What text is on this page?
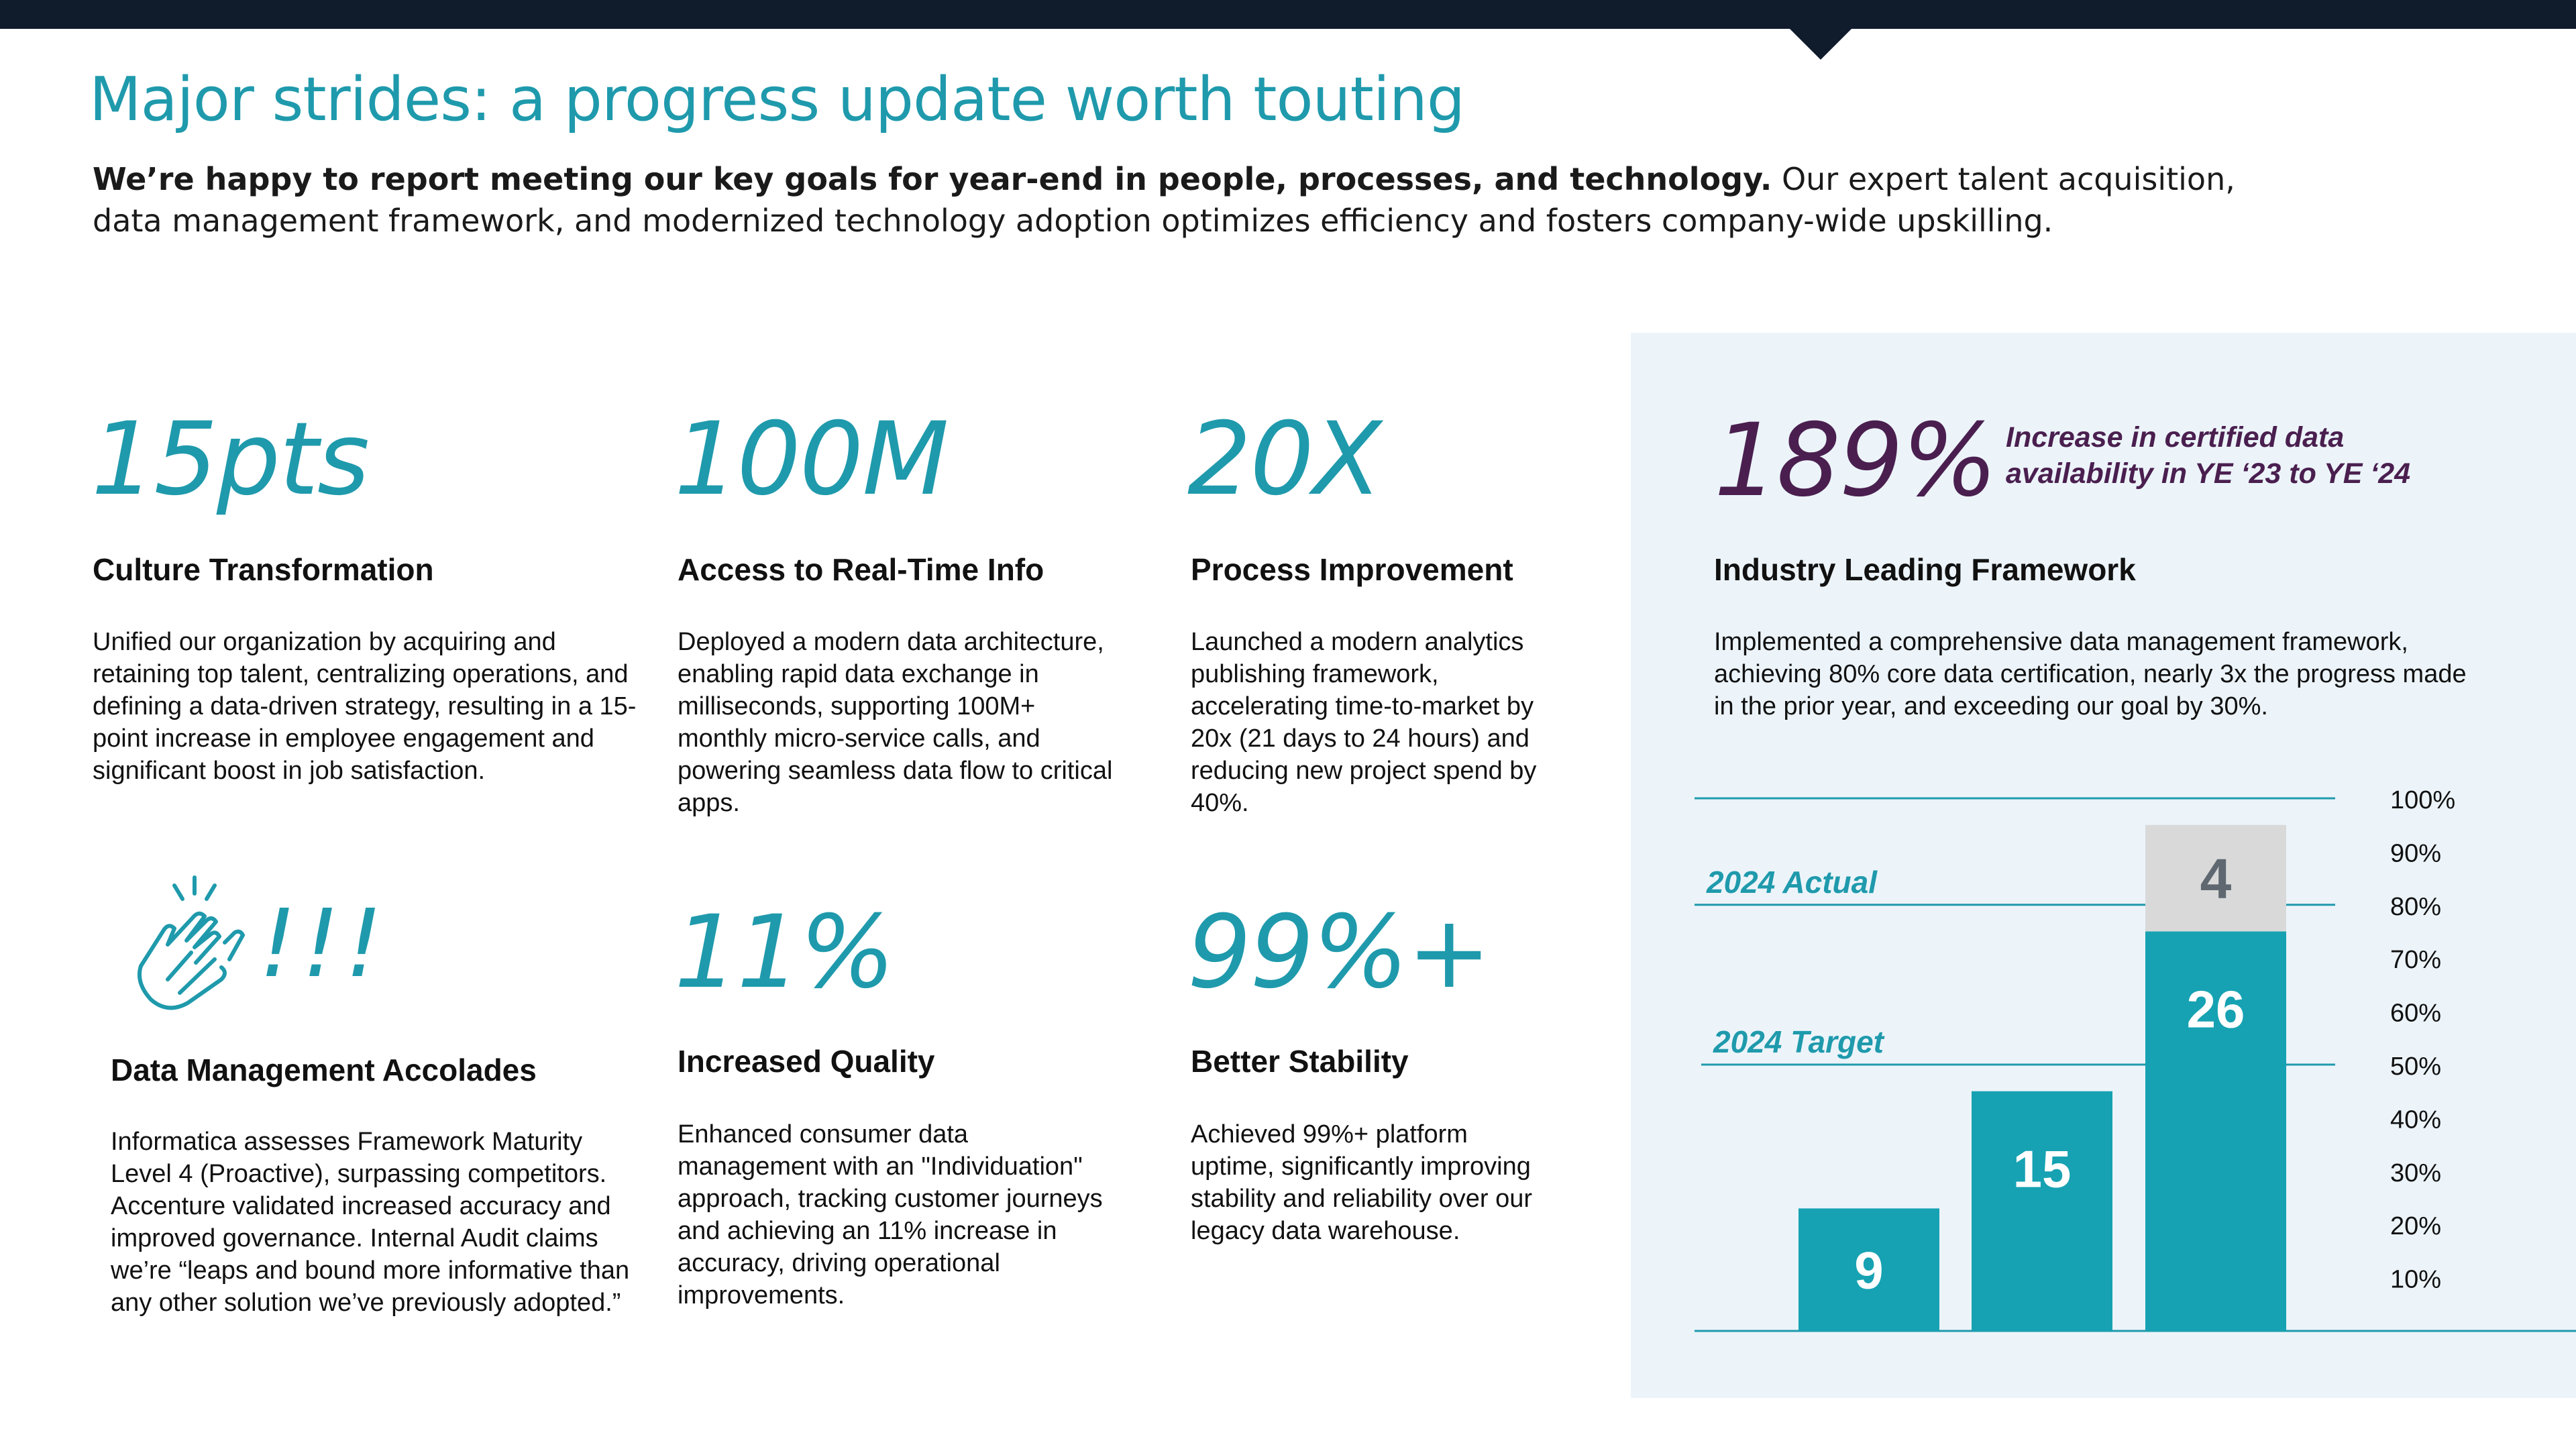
Major strides: a progress update worth touting

We’re happy to report meeting our key goals for year-end in people, processes, and technology. Our expert talent acquisition, data management framework, and modernized technology adoption optimizes efficiency and fosters company-wide upskilling.

15pts
Culture Transformation

Unified our organization by acquiring and retaining top talent, centralizing operations, and defining a data-driven strategy, resulting in a 15-point increase in employee engagement and significant boost in job satisfaction.

100M
Access to Real-Time Info

Deployed a modern data architecture, enabling rapid data exchange in milliseconds, supporting 100M+ monthly micro-service calls, and powering seamless data flow to critical apps.

20X
Process Improvement

Launched a modern analytics publishing framework, accelerating time-to-market by 20x (21 days to 24 hours) and reducing new project spend by 40%.

!!!
Data Management Accolades

Informatica assesses Framework Maturity Level 4 (Proactive), surpassing competitors. Accenture validated increased accuracy and improved governance. Internal Audit claims we’re “leaps and bound more informative than any other solution we’ve previously adopted.”

11%
Increased Quality

Enhanced consumer data management with an "Individuation" approach, tracking customer journeys and achieving an 11% increase in accuracy, driving operational improvements.

99%+
Better Stability

Achieved 99%+ platform uptime, significantly improving stability and reliability over our legacy data warehouse.

189% Increase in certified data
availability in YE ‘23 to YE ‘24

Industry Leading Framework

Implemented a comprehensive data management framework, achieving 80% core data certification, nearly 3x the progress made in the prior year, and exceeding our goal by 30%.

2024 Actual
2024 Target
10%
20%
30%
40%
50%
60%
70%
80%
90%
100%
9
15
26
4
